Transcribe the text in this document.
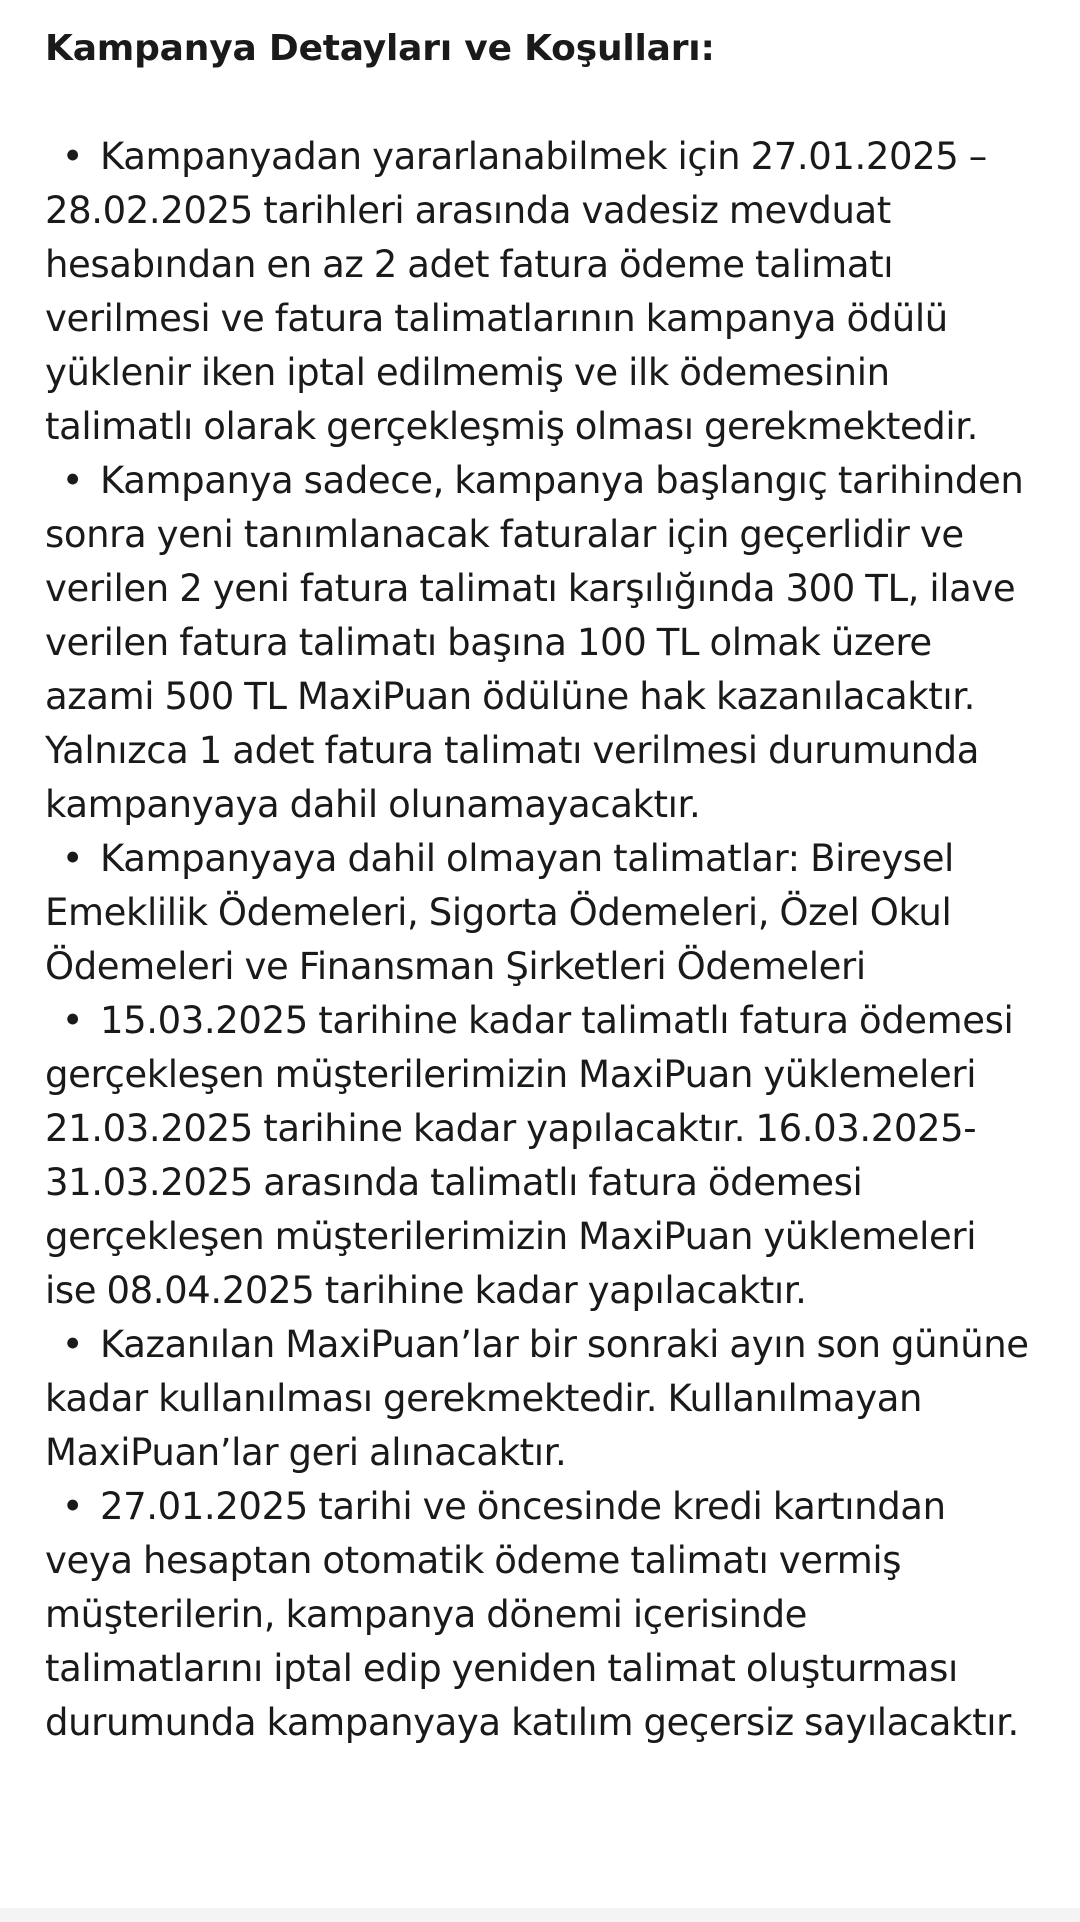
Kampanya Detayları ve Koşulları:
• Kampanyadan yararlanabilmek için 27.01.2025 – 28.02.2025 tarihleri arasında vadesiz mevduat hesabından en az 2 adet fatura ödeme talimatı verilmesi ve fatura talimatlarının kampanya ödülü yüklenir iken iptal edilmemiş ve ilk ödemesinin talimatlı olarak gerçekleşmiş olması gerekmektedir.
• Kampanya sadece, kampanya başlangıç tarihinden sonra yeni tanımlanacak faturalar için geçerlidir ve verilen 2 yeni fatura talimatı karşılığında 300 TL, ilave verilen fatura talimatı başına 100 TL olmak üzere azami 500 TL MaxiPuan ödülüne hak kazanılacaktır. Yalnızca 1 adet fatura talimatı verilmesi durumunda kampanyaya dahil olunamayacaktır.
• Kampanyaya dahil olmayan talimatlar: Bireysel Emeklilik Ödemeleri, Sigorta Ödemeleri, Özel Okul Ödemeleri ve Finansman Şirketleri Ödemeleri
• 15.03.2025 tarihine kadar talimatlı fatura ödemesi gerçekleşen müşterilerimizin MaxiPuan yüklemeleri 21.03.2025 tarihine kadar yapılacaktır. 16.03.2025-31.03.2025 arasında talimatlı fatura ödemesi gerçekleşen müşterilerimizin MaxiPuan yüklemeleri ise 08.04.2025 tarihine kadar yapılacaktır.
• Kazanılan MaxiPuan’lar bir sonraki ayın son gününe kadar kullanılması gerekmektedir. Kullanılmayan MaxiPuan’lar geri alınacaktır.
• 27.01.2025 tarihi ve öncesinde kredi kartından veya hesaptan otomatik ödeme talimatı vermiş müşterilerin, kampanya dönemi içerisinde talimatlarını iptal edip yeniden talimat oluşturması durumunda kampanyaya katılım geçersiz sayılacaktır.
